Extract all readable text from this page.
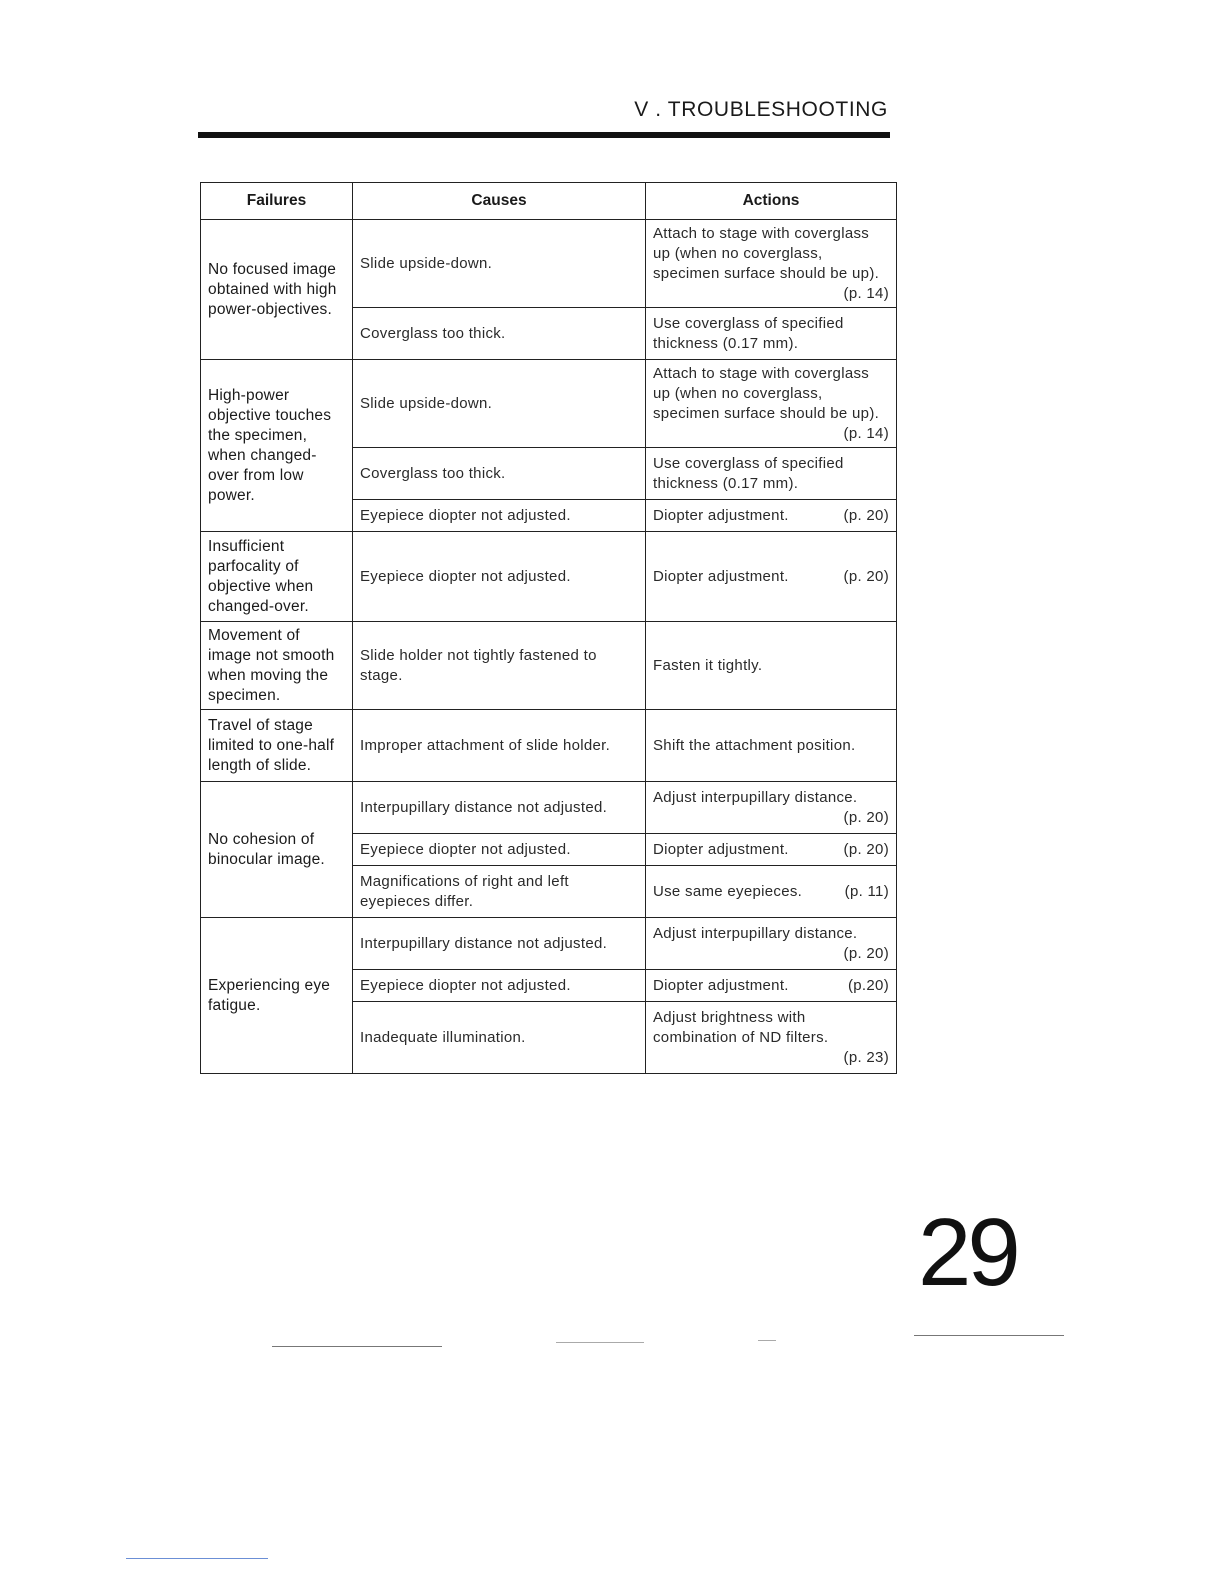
V . TROUBLESHOOTING
Failures	Causes	Actions
No focused image obtained with high power-objectives.	Slide upside-down.	Attach to stage with coverglass up (when no coverglass, specimen surface should be up).
(p. 14)

	Coverglass too thick.	Use coverglass of specified thickness (0.17 mm).
High-power objective touches the specimen, when changed-over from low power.	Slide upside-down.	Attach to stage with coverglass up (when no coverglass, specimen surface should be up).
(p. 14)

	Coverglass too thick.	Use coverglass of specified thickness (0.17 mm).
	Eyepiece diopter not adjusted.	Diopter adjustment. (p. 20)

Insufficient parfocality of objective when changed-over.	Eyepiece diopter not adjusted.	Diopter adjustment. (p. 20)

Movement of image not smooth when moving the specimen.	Slide holder not tightly fastened to stage.	Fasten it tightly.
Travel of stage limited to one-half length of slide.	Improper attachment of slide holder.	Shift the attachment position.
No cohesion of binocular image.	Interpupillary distance not adjusted.	Adjust interpupillary distance.
(p. 20)

	Eyepiece diopter not adjusted.	Diopter adjustment. (p. 20)

	Magnifications of right and left eyepieces differ.	Use same eyepieces. (p. 11)

Experiencing eye fatigue.	Interpupillary distance not adjusted.	Adjust interpupillary distance.
(p. 20)

	Eyepiece diopter not adjusted.	Diopter adjustment. (p.20)

	Inadequate illumination.	Adjust brightness with combination of ND filters.
(p. 23)
29
